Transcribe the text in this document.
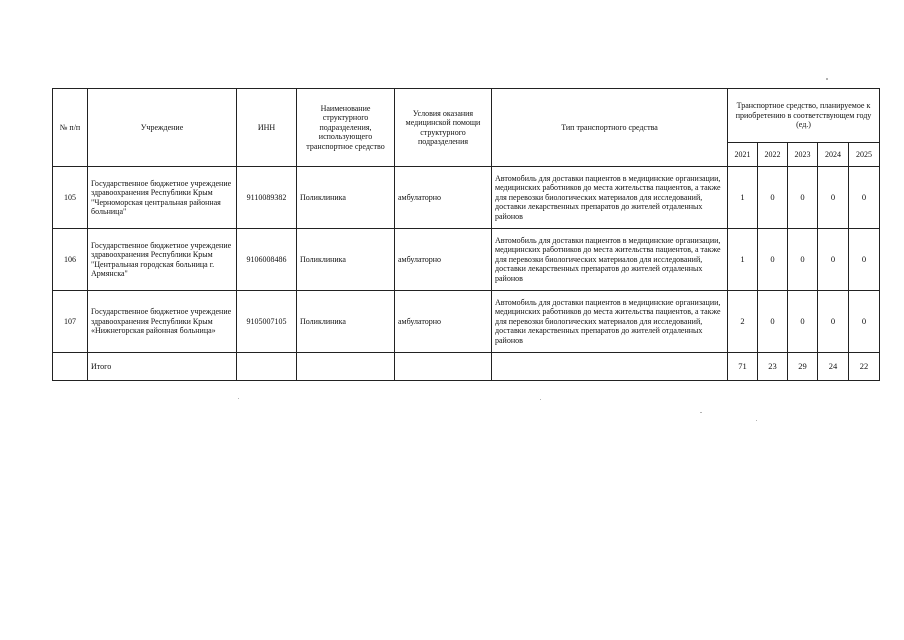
№ п/п	Учреждение	ИНН	Наименование структурного подразделения, использующего транспортное средство	Условия оказания медицинской помощи структурного подразделения	Тип транспортного средства	Транспортное средство, планируемое к приобретению в соответствующем году (ед.)				
						2021	2022	2023	2024	2025
105	Государственное бюджетное учреждение здравоохранения Республики Крым "Черноморская центральная районная больница"	9110089382	Поликлиника	амбулаторно	Автомобиль для доставки пациентов в медицинские организации, медицинских работников до места жительства пациентов, а также для перевозки биологических материалов для исследований, доставки лекарственных препаратов до жителей отдаленных районов	1	0	0	0	0
106	Государственное бюджетное учреждение здравоохранения Республики Крым "Центральная городская больница г. Армянска"	9106008486	Поликлиника	амбулаторно	Автомобиль для доставки пациентов в медицинские организации, медицинских работников до места жительства пациентов, а также для перевозки биологических материалов для исследований, доставки лекарственных препаратов до жителей отдаленных районов	1	0	0	0	0
107	Государственное бюджетное учреждение здравоохранения Республики Крым «Нижнегорская районная больница»	9105007105	Поликлиника	амбулаторно	Автомобиль для доставки пациентов в медицинские организации, медицинских работников до места жительства пациентов, а также для перевозки биологических материалов для исследований, доставки лекарственных препаратов до жителей отдаленных районов	2	0	0	0	0
	Итого					71	23	29	24	22
